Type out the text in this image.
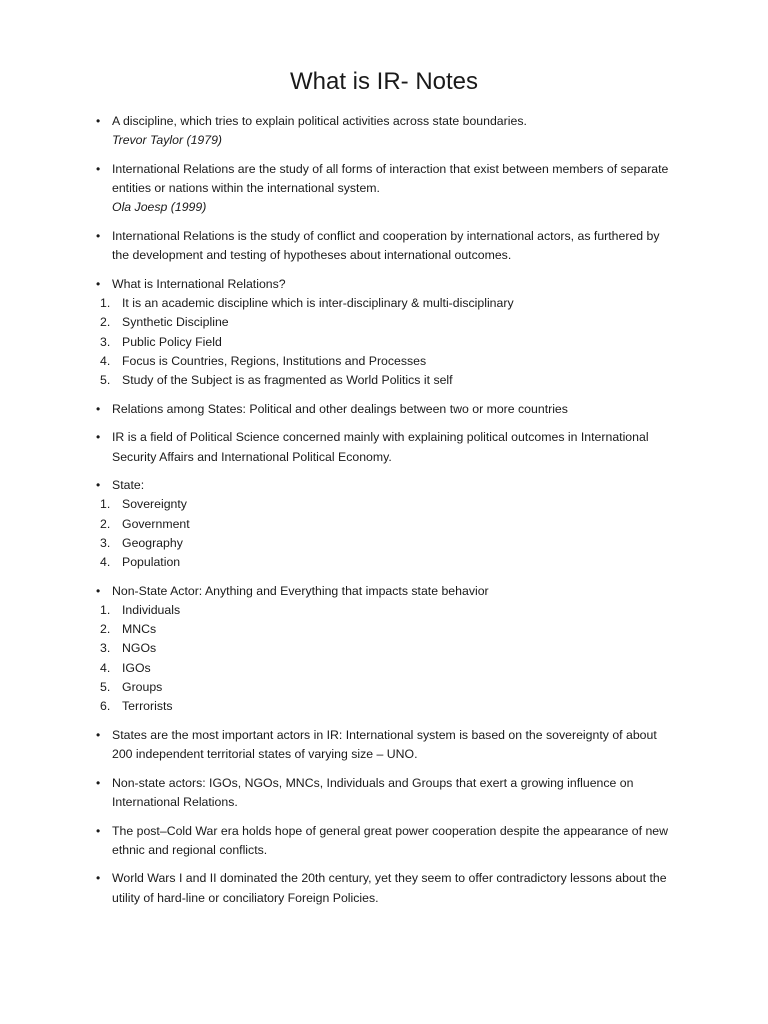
What is IR- Notes
• A discipline, which tries to explain political activities across state boundaries.
Trevor Taylor (1979)
• International Relations are the study of all forms of interaction that exist between members of separate entities or nations within the international system.
Ola Joesp (1999)
• International Relations is the study of conflict and cooperation by international actors, as furthered by the development and testing of hypotheses about international outcomes.
• What is International Relations?
1. It is an academic discipline which is inter-disciplinary & multi-disciplinary
2. Synthetic Discipline
3. Public Policy Field
4. Focus is Countries, Regions, Institutions and Processes
5. Study of the Subject is as fragmented as World Politics it self
• Relations among States: Political and other dealings between two or more countries
• IR is a field of Political Science concerned mainly with explaining political outcomes in International Security Affairs and International Political Economy.
• State:
1. Sovereignty
2. Government
3. Geography
4. Population
• Non-State Actor: Anything and Everything that impacts state behavior
1. Individuals
2. MNCs
3. NGOs
4. IGOs
5. Groups
6. Terrorists
• States are the most important actors in IR: International system is based on the sovereignty of about 200 independent territorial states of varying size – UNO.
• Non-state actors: IGOs, NGOs, MNCs, Individuals and Groups that exert a growing influence on International Relations.
• The post–Cold War era holds hope of general great power cooperation despite the appearance of new ethnic and regional conflicts.
• World Wars I and II dominated the 20th century, yet they seem to offer contradictory lessons about the utility of hard-line or conciliatory Foreign Policies.
